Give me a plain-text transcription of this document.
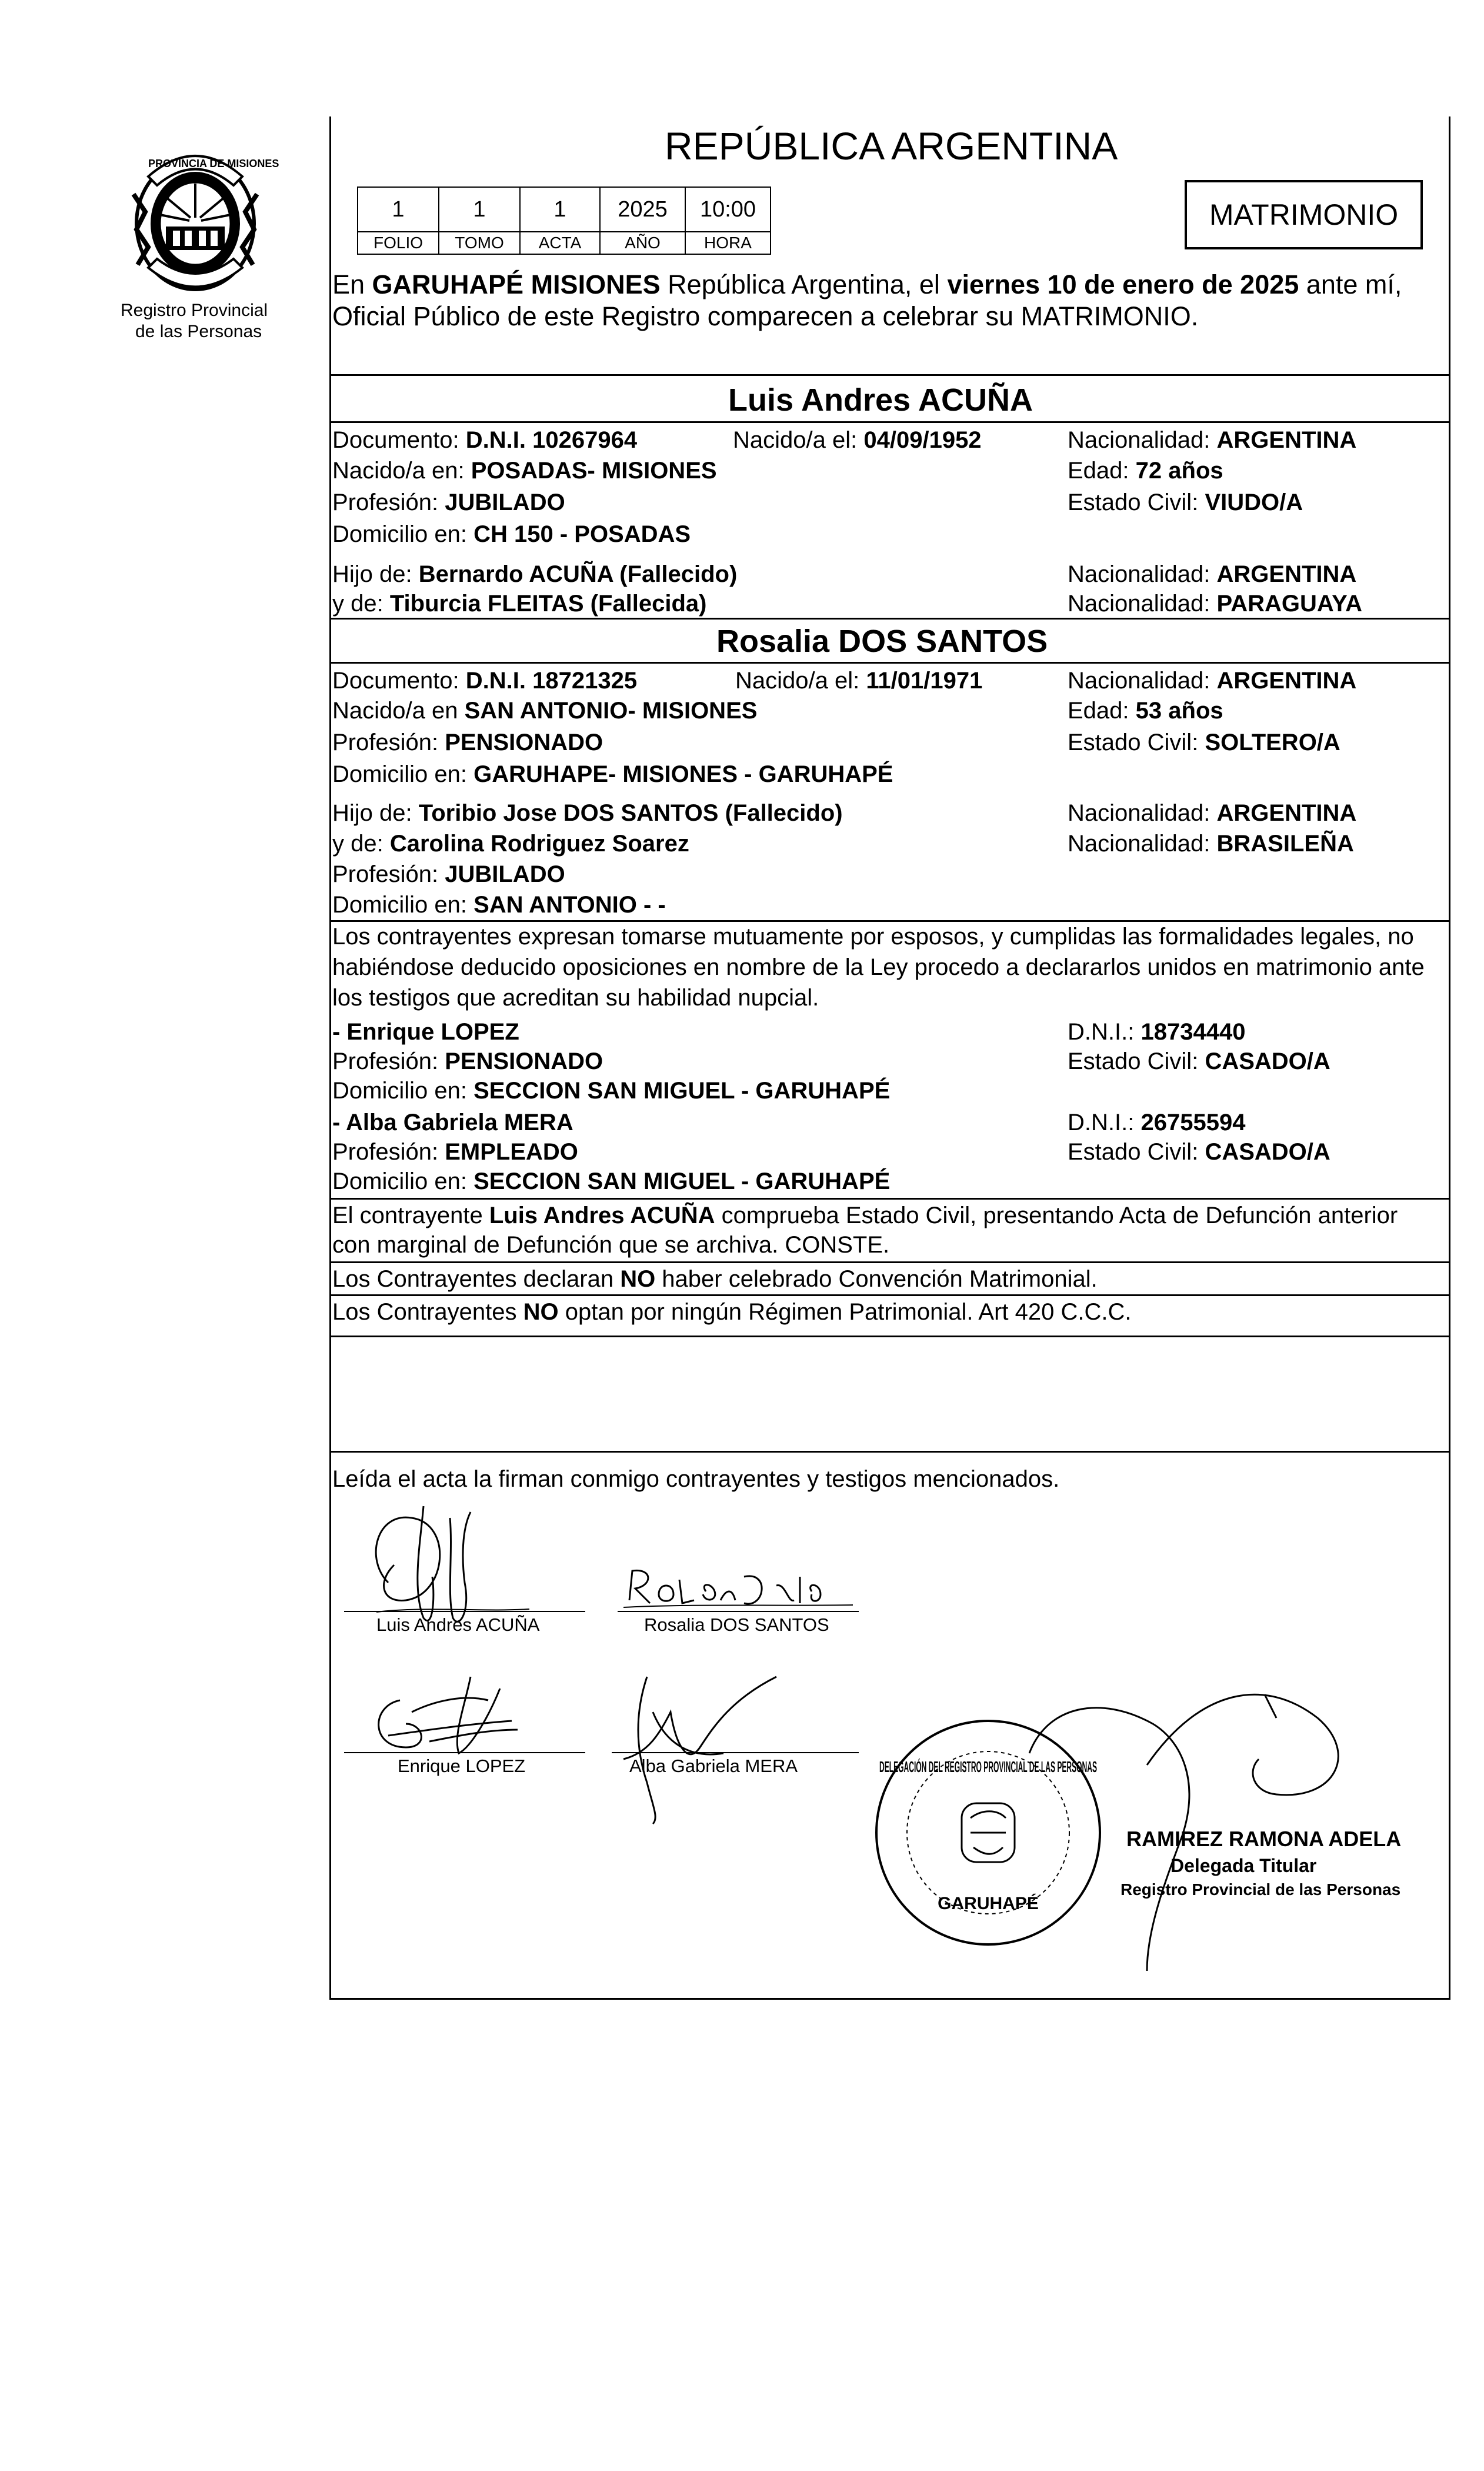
PROVINCIA DE MISIONES
Registro Provincial
de las Personas
REPÚBLICA ARGENTINA
1	1	1	2025	10:00
FOLIO	TOMO	ACTA	AÑO	HORA
MATRIMONIO
En GARUHAPÉ MISIONES República Argentina, el viernes 10 de enero de 2025 ante mí,
Oficial Público de este Registro comparecen a celebrar su MATRIMONIO.
Luis Andres ACUÑA
Documento: D.N.I. 10267964	Nacido/a el: 04/09/1952	Nacionalidad: ARGENTINA
Nacido/a en: POSADAS- MISIONES	Edad: 72 años
Profesión: JUBILADO	Estado Civil: VIUDO/A
Domicilio en: CH 150 - POSADAS
Hijo de: Bernardo ACUÑA (Fallecido)	Nacionalidad: ARGENTINA
y de: Tiburcia FLEITAS (Fallecida)	Nacionalidad: PARAGUAYA
Rosalia DOS SANTOS
Documento: D.N.I. 18721325	Nacido/a el: 11/01/1971	Nacionalidad: ARGENTINA
Nacido/a en SAN ANTONIO- MISIONES	Edad: 53 años
Profesión: PENSIONADO	Estado Civil: SOLTERO/A
Domicilio en: GARUHAPE- MISIONES - GARUHAPÉ
Hijo de: Toribio Jose DOS SANTOS (Fallecido)	Nacionalidad: ARGENTINA
y de: Carolina Rodriguez Soarez	Nacionalidad: BRASILEÑA
Profesión: JUBILADO
Domicilio en: SAN ANTONIO - -
Los contrayentes expresan tomarse mutuamente por esposos, y cumplidas las formalidades legales, no
habiéndose deducido oposiciones en nombre de la Ley procedo a declararlos unidos en matrimonio ante
los testigos que acreditan su habilidad nupcial.
- Enrique LOPEZ	D.N.I.: 18734440
Profesión: PENSIONADO	Estado Civil: CASADO/A
Domicilio en: SECCION SAN MIGUEL - GARUHAPÉ
- Alba Gabriela MERA	D.N.I.: 26755594
Profesión: EMPLEADO	Estado Civil: CASADO/A
Domicilio en: SECCION SAN MIGUEL - GARUHAPÉ
El contrayente Luis Andres ACUÑA comprueba Estado Civil, presentando Acta de Defunción anterior
con marginal de Defunción que se archiva. CONSTE.
Los Contrayentes declaran NO haber celebrado Convención Matrimonial.
Los Contrayentes NO optan por ningún Régimen Patrimonial. Art 420 C.C.C.
Leída el acta la firman conmigo contrayentes y testigos mencionados.
Luis Andres ACUÑA	Rosalia DOS SANTOS
Enrique LOPEZ	Alba Gabriela MERA	DELEGACIÓN DEL REGISTRO PROVINCIAL DE LAS PERSONAS
GARUHAPÉ
RAMIREZ RAMONA ADELA
Delegada Titular
Registro Provincial de las Personas
